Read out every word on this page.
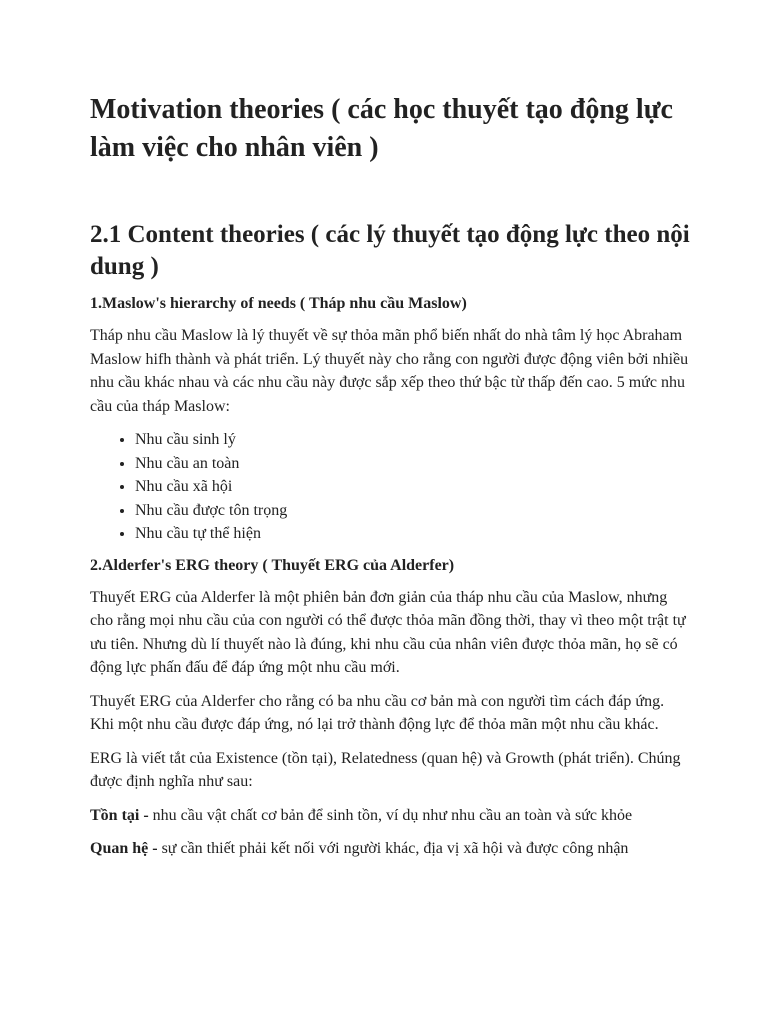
Motivation theories ( các học thuyết tạo động lực làm việc cho nhân viên )
2.1 Content theories ( các lý thuyết tạo động lực theo nội dung )
1.Maslow's hierarchy of needs ( Tháp nhu cầu Maslow)

Tháp nhu cầu Maslow là lý thuyết về sự thỏa mãn phổ biến nhất do nhà tâm lý học Abraham Maslow hifh thành và phát triển. Lý thuyết này cho rằng con người được động viên bởi nhiều nhu cầu khác nhau và các nhu cầu này được sắp xếp theo thứ bậc từ thấp đến cao. 5 mức nhu cầu của tháp Maslow:

• Nhu cầu sinh lý
• Nhu cầu an toàn
• Nhu cầu xã hội
• Nhu cầu được tôn trọng
• Nhu cầu tự thể hiện
2.Alderfer's ERG theory ( Thuyết ERG của Alderfer)

Thuyết ERG của Alderfer là một phiên bản đơn giản của tháp nhu cầu của Maslow, nhưng cho rằng mọi nhu cầu của con người có thể được thỏa mãn đồng thời, thay vì theo một trật tự ưu tiên. Nhưng dù lí thuyết nào là đúng, khi nhu cầu của nhân viên được thỏa mãn, họ sẽ có động lực phấn đấu để đáp ứng một nhu cầu mới.

Thuyết ERG của Alderfer cho rằng có ba nhu cầu cơ bản mà con người tìm cách đáp ứng. Khi một nhu cầu được đáp ứng, nó lại trở thành động lực để thỏa mãn một nhu cầu khác.

ERG là viết tắt của Existence (tồn tại), Relatedness (quan hệ) và Growth (phát triển). Chúng được định nghĩa như sau:

Tồn tại - nhu cầu vật chất cơ bản để sinh tồn, ví dụ như nhu cầu an toàn và sức khỏe

Quan hệ - sự cần thiết phải kết nối với người khác, địa vị xã hội và được công nhận
